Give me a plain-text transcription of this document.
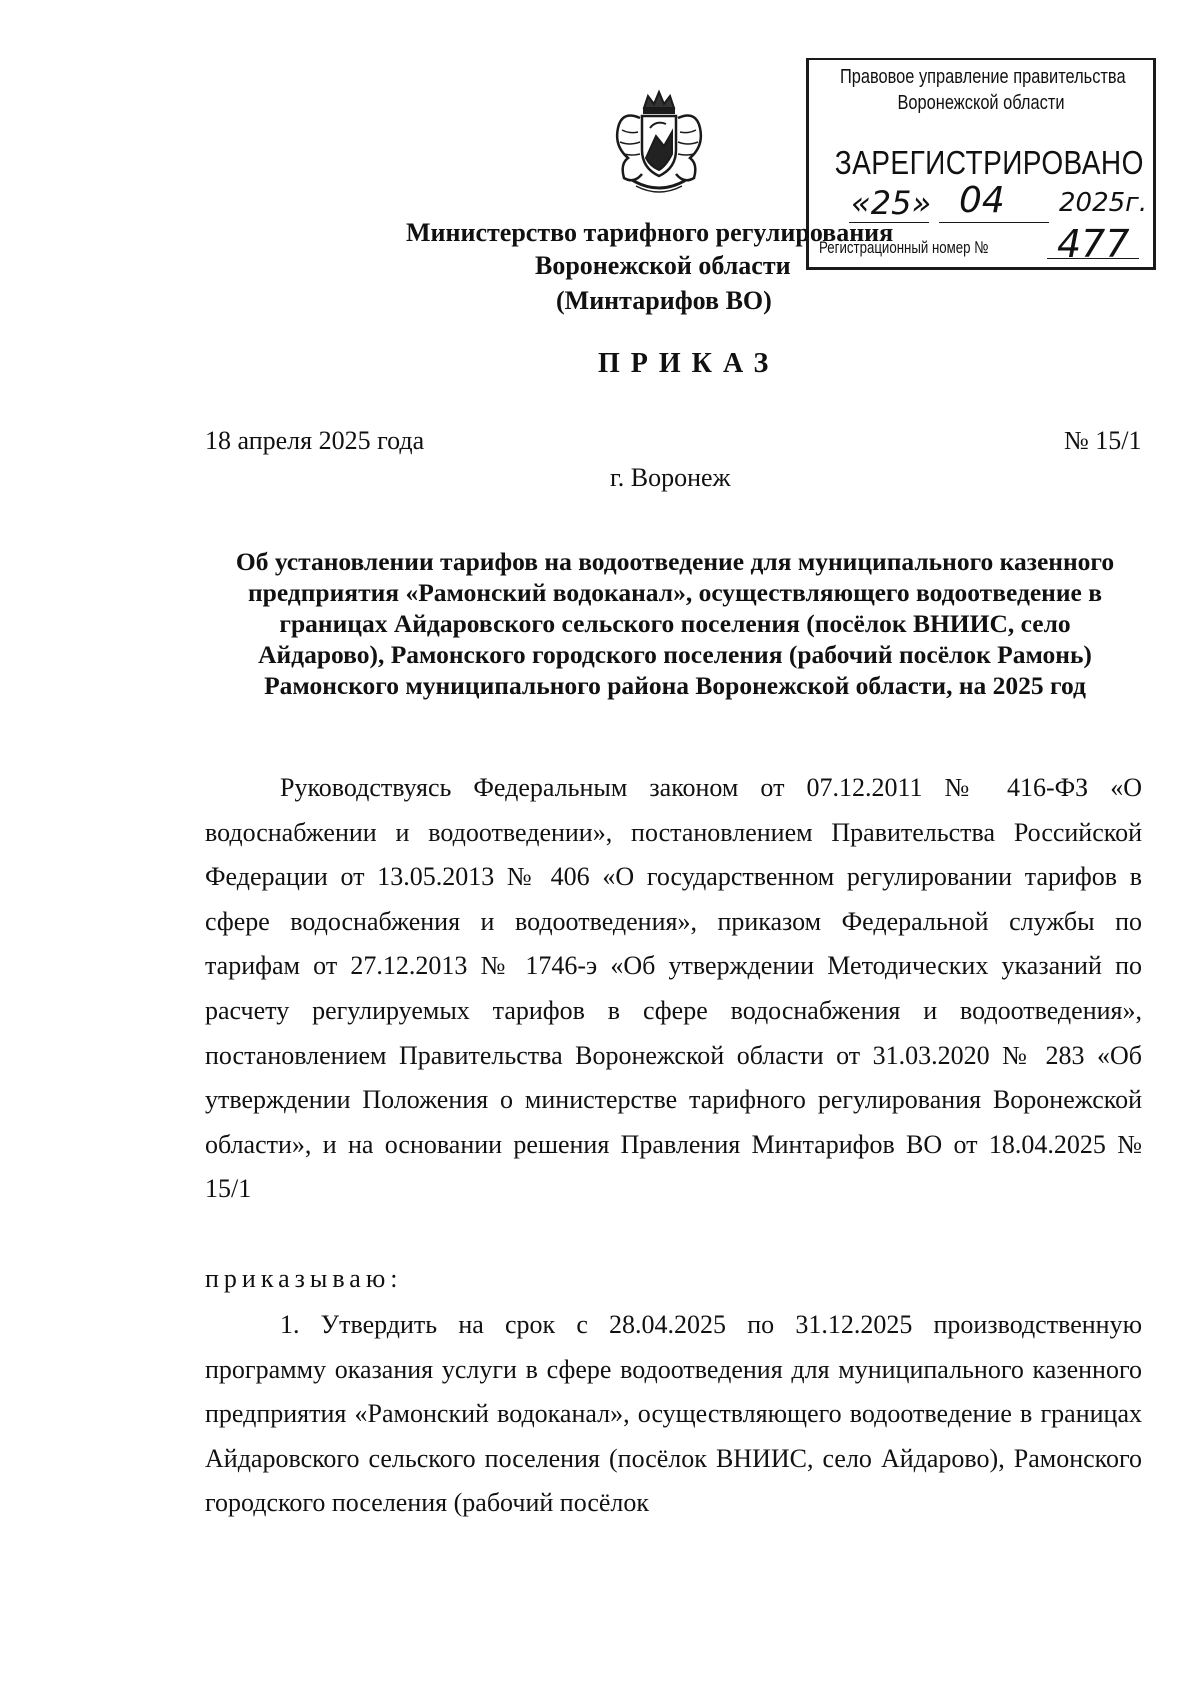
Правовое управление правительства
Воронежской области
ЗАРЕГИСТРИРОВАНО
«25» 04 2025г.
Регистрационный номер № 477
Министерство тарифного регулирования
Воронежской области
(Минтарифов ВО)
ПРИКАЗ
18 апреля 2025 года	№ 15/1
г. Воронеж
Об установлении тарифов на водоотведение для муниципального казенного предприятия «Рамонский водоканал», осуществляющего водоотведение в границах Айдаровского сельского поселения (посёлок ВНИИС, село Айдарово), Рамонского городского поселения (рабочий посёлок Рамонь) Рамонского муниципального района Воронежской области, на 2025 год
Руководствуясь Федеральным законом от 07.12.2011 № 416-ФЗ «О водоснабжении и водоотведении», постановлением Правительства Российской Федерации от 13.05.2013 № 406 «О государственном регулировании тарифов в сфере водоснабжения и водоотведения», приказом Федеральной службы по тарифам от 27.12.2013 № 1746-э «Об утверждении Методических указаний по расчету регулируемых тарифов в сфере водоснабжения и водоотведения», постановлением Правительства Воронежской области от 31.03.2020 № 283 «Об утверждении Положения о министерстве тарифного регулирования Воронежской области», и на основании решения Правления Минтарифов ВО от 18.04.2025 № 15/1
приказываю:
1. Утвердить на срок с 28.04.2025 по 31.12.2025 производственную программу оказания услуги в сфере водоотведения для муниципального казенного предприятия «Рамонский водоканал», осуществляющего водоотведение в границах Айдаровского сельского поселения (посёлок ВНИИС, село Айдарово), Рамонского городского поселения (рабочий посёлок
